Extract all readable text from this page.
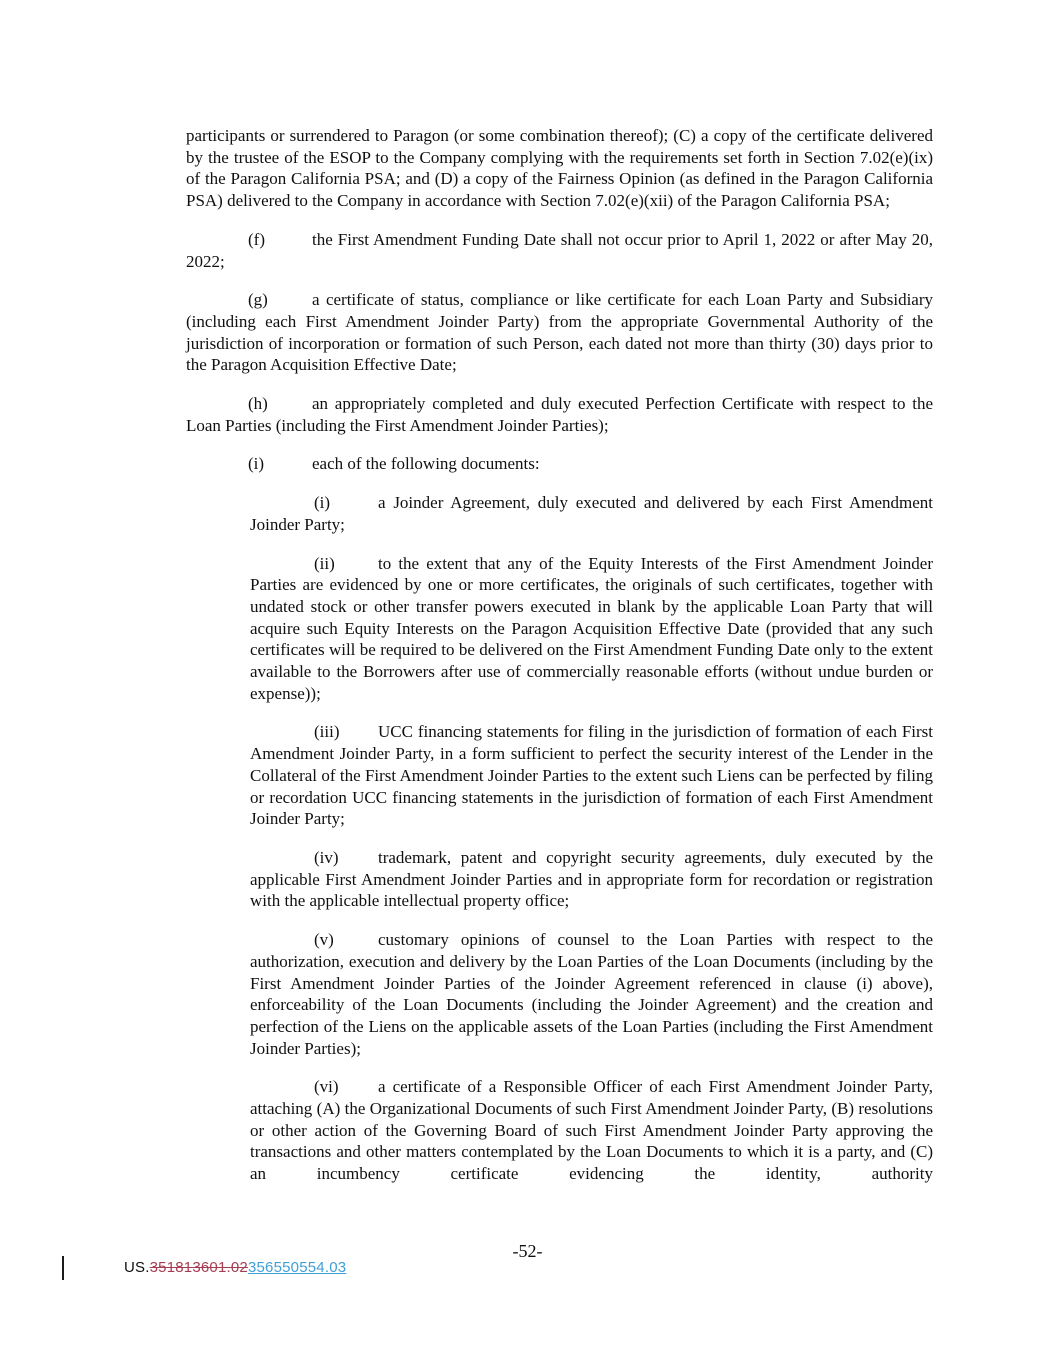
participants or surrendered to Paragon (or some combination thereof); (C) a copy of the certificate delivered by the trustee of the ESOP to the Company complying with the requirements set forth in Section 7.02(e)(ix) of the Paragon California PSA; and (D) a copy of the Fairness Opinion (as defined in the Paragon California PSA) delivered to the Company in accordance with Section 7.02(e)(xii) of the Paragon California PSA;

(f)	the First Amendment Funding Date shall not occur prior to April 1, 2022 or after May 20, 2022;

(g)	a certificate of status, compliance or like certificate for each Loan Party and Subsidiary (including each First Amendment Joinder Party) from the appropriate Governmental Authority of the jurisdiction of incorporation or formation of such Person, each dated not more than thirty (30) days prior to the Paragon Acquisition Effective Date;

(h)	an appropriately completed and duly executed Perfection Certificate with respect to the Loan Parties (including the First Amendment Joinder Parties);

(i)	each of the following documents:

(i)	a Joinder Agreement, duly executed and delivered by each First Amendment Joinder Party;

(ii)	to the extent that any of the Equity Interests of the First Amendment Joinder Parties are evidenced by one or more certificates, the originals of such certificates, together with undated stock or other transfer powers executed in blank by the applicable Loan Party that will acquire such Equity Interests on the Paragon Acquisition Effective Date (provided that any such certificates will be required to be delivered on the First Amendment Funding Date only to the extent available to the Borrowers after use of commercially reasonable efforts (without undue burden or expense));

(iii) UCC financing statements for filing in the jurisdiction of formation of each First Amendment Joinder Party, in a form sufficient to perfect the security interest of the Lender in the Collateral of the First Amendment Joinder Parties to the extent such Liens can be perfected by filing or recordation UCC financing statements in the jurisdiction of formation of each First Amendment Joinder Party;

(iv) trademark, patent and copyright security agreements, duly executed by the applicable First Amendment Joinder Parties and in appropriate form for recordation or registration with the applicable intellectual property office;

(v)	customary opinions of counsel to the Loan Parties with respect to the authorization, execution and delivery by the Loan Parties of the Loan Documents (including by the First Amendment Joinder Parties of the Joinder Agreement referenced in clause (i) above), enforceability of the Loan Documents (including the Joinder Agreement) and the creation and perfection of the Liens on the applicable assets of the Loan Parties (including the First Amendment Joinder Parties);

(vi) a certificate of a Responsible Officer of each First Amendment Joinder Party, attaching (A) the Organizational Documents of such First Amendment Joinder Party, (B) resolutions or other action of the Governing Board of such First Amendment Joinder Party approving the transactions and other matters contemplated by the Loan Documents to which it is a party, and (C) an incumbency certificate evidencing the identity, authority

-52-
US.351813601.02356550554.03
